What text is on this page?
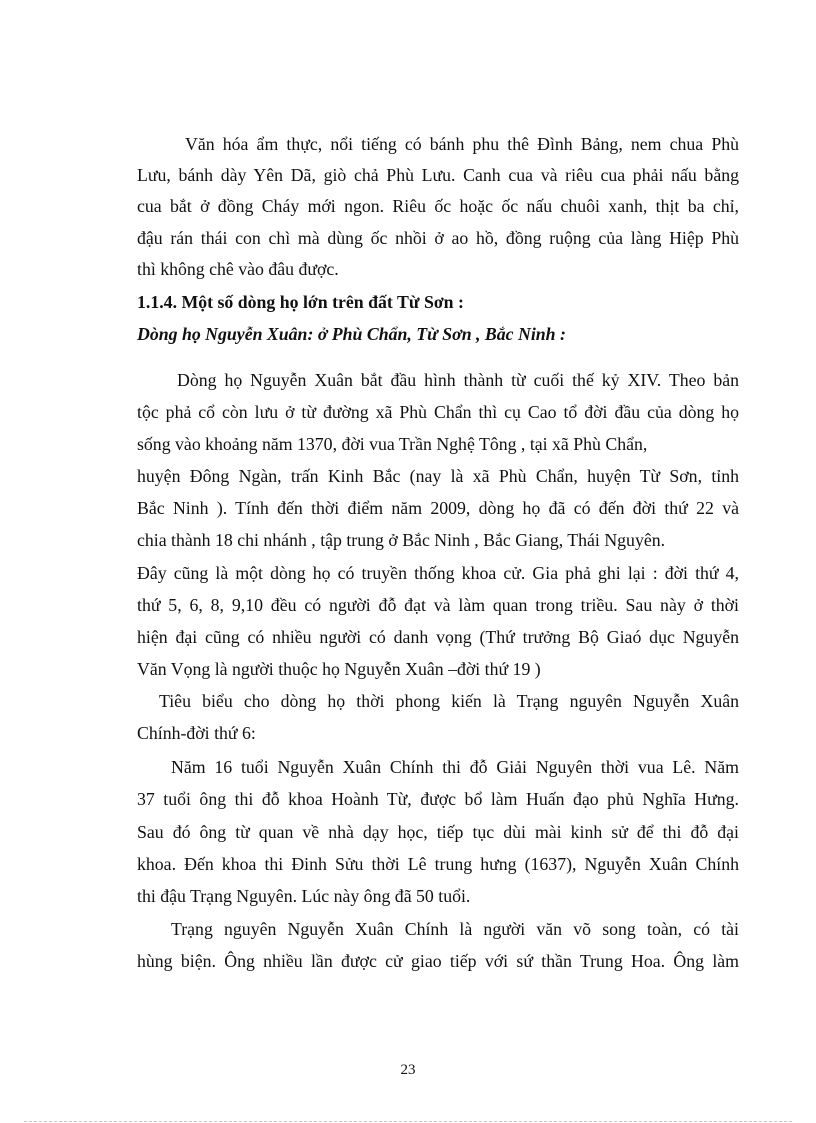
Văn hóa ẩm thực, nổi tiếng có bánh phu thê Đình Bảng, nem chua Phù

Lưu, bánh dày Yên Dã, giò chả Phù Lưu. Canh cua và riêu cua phải nấu bằng

cua bắt ở đồng Cháy mới ngon. Riêu ốc hoặc ốc nấu chuôi xanh, thịt ba chỉ,

đậu rán thái con chì mà dùng ốc nhồi ở ao hồ, đồng ruộng của làng Hiệp Phù

thì không chê vào đâu được.

1.1.4. Một số dòng họ lớn trên đất Từ Sơn :

Dòng họ Nguyễn Xuân: ở Phù Chẩn, Từ Sơn , Bắc Ninh :

Dòng họ Nguyễn Xuân bắt đầu hình thành từ cuối thế kỷ XIV. Theo bản

tộc phả cổ còn lưu ở từ đường xã Phù Chẩn thì cụ Cao tổ đời đầu của dòng họ

sống vào khoảng năm 1370, đời vua Trần Nghệ Tông , tại xã Phù Chẩn,

huyện Đông Ngàn, trấn Kinh Bắc (nay là xã Phù Chẩn, huyện Từ Sơn, tỉnh

Bắc Ninh ). Tính đến thời điểm năm 2009, dòng họ đã có đến đời thứ 22 và

chia thành 18 chi nhánh , tập trung ở Bắc Ninh , Bắc Giang, Thái Nguyên.

Đây cũng là một dòng họ có truyền thống khoa cử. Gia phả ghi lại : đời thứ 4,

thứ 5, 6, 8, 9,10 đều có người đỗ đạt và làm quan trong triều. Sau này ở thời

hiện đại cũng có nhiều người có danh vọng (Thứ trưởng Bộ Giaó dục Nguyễn

Văn Vọng là người thuộc họ Nguyễn Xuân –đời thứ 19 )

Tiêu biểu cho dòng họ thời phong kiến là Trạng nguyên Nguyễn Xuân

Chính-đời thứ 6:

Năm 16 tuổi Nguyễn Xuân Chính thi đỗ Giải Nguyên thời vua Lê. Năm

37 tuổi ông thi đỗ khoa Hoành Từ, được bổ làm Huấn đạo phủ Nghĩa Hưng.

Sau đó ông từ quan về nhà dạy học, tiếp tục dùi mài kinh sử để thi đỗ đại

khoa. Đến khoa thi Đinh Sửu thời Lê trung hưng (1637), Nguyễn Xuân Chính

thi đậu Trạng Nguyên. Lúc này ông đã 50 tuổi.

Trạng nguyên Nguyễn Xuân Chính là người văn võ song toàn, có tài

hùng biện. Ông nhiều lần được cử giao tiếp với sứ thần Trung Hoa. Ông làm

23
